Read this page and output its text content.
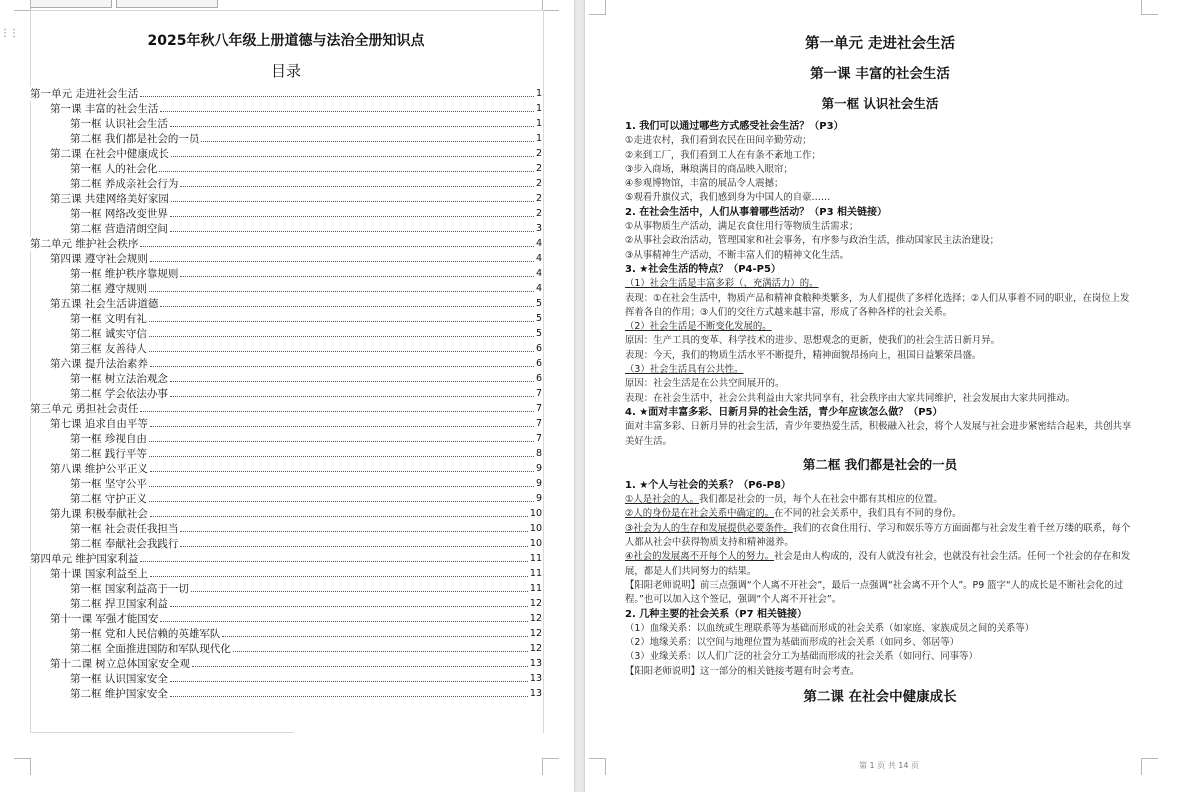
⋮⋮	2025年秋八年级上册道德与法治全册知识点
目录
第一单元 走进社会生活	1
第一课 丰富的社会生活	1
第一框 认识社会生活	1
第二框 我们都是社会的一员	1
第二课 在社会中健康成长	2
第一框 人的社会化	2
第二框 养成亲社会行为	2
第三课 共建网络美好家园	2
第一框 网络改变世界	2
第二框 营造清朗空间	3
第二单元 维护社会秩序	4
第四课 遵守社会规则	4
第一框 维护秩序靠规则	4
第二框 遵守规则	4
第五课 社会生活讲道德	5
第一框 文明有礼	5
第二框 诚实守信	5
第三框 友善待人	6
第六课 提升法治素养	6
第一框 树立法治观念	6
第二框 学会依法办事	7
第三单元 勇担社会责任	7
第七课 追求自由平等	7
第一框 珍视自由	7
第二框 践行平等	8
第八课 维护公平正义	9
第一框 坚守公平	9
第二框 守护正义	9
第九课 积极奉献社会	10
第一框 社会责任我担当	10
第二框 奉献社会我践行	10
第四单元 维护国家利益	11
第十课 国家利益至上	11
第一框 国家利益高于一切	11
第二框 捍卫国家利益	12
第十一课 军强才能国安	12
第一框 党和人民信赖的英雄军队	12
第二框 全面推进国防和军队现代化	12
第十二课 树立总体国家安全观	13
第一框 认识国家安全	13
第二框 维护国家安全	13
第一单元 走进社会生活
第一课 丰富的社会生活
第一框 认识社会生活
1. 我们可以通过哪些方式感受社会生活？（P3）
①走进农村，我们看到农民在田间辛勤劳动；
②来到工厂，我们看到工人在有条不紊地工作；
③步入商场，琳琅满目的商品映入眼帘；
④参观博物馆，丰富的展品令人震撼；
⑤观看升旗仪式，我们感到身为中国人的自豪……
2. 在社会生活中，人们从事着哪些活动？（P3 相关链接）
①从事物质生产活动，满足衣食住用行等物质生活需求；
②从事社会政治活动，管理国家和社会事务，有序参与政治生活，推动国家民主法治建设；
③从事精神生产活动，不断丰富人们的精神文化生活。
3. ★社会生活的特点？（P4-P5）
（1）社会生活是丰富多彩（、充满活力）的。
表现：①在社会生活中，物质产品和精神食粮种类繁多，为人们提供了多样化选择；②人们从事着不同的职业，在岗位上发挥着各自的作用；③人们的交往方式越来越丰富，形成了各种各样的社会关系。
（2）社会生活是不断变化发展的。
原因：生产工具的变革、科学技术的进步、思想观念的更新，使我们的社会生活日新月异。
表现：今天，我们的物质生活水平不断提升，精神面貌昂扬向上，祖国日益繁荣昌盛。
（3）社会生活具有公共性。
原因：社会生活是在公共空间展开的。
表现：在社会生活中，社会公共利益由大家共同享有，社会秩序由大家共同维护，社会发展由大家共同推动。
4. ★面对丰富多彩、日新月异的社会生活，青少年应该怎么做？（P5）
面对丰富多彩、日新月异的社会生活，青少年要热爱生活，积极融入社会，将个人发展与社会进步紧密结合起来，共创共享美好生活。
第二框 我们都是社会的一员
1. ★个人与社会的关系？（P6-P8）
①人是社会的人。我们都是社会的一员，每个人在社会中都有其相应的位置。
②人的身份是在社会关系中确定的。在不同的社会关系中，我们具有不同的身份。
③社会为人的生存和发展提供必要条件。我们的衣食住用行、学习和娱乐等方方面面都与社会发生着千丝万缕的联系，每个人都从社会中获得物质支持和精神滋养。
④社会的发展离不开每个人的努力。社会是由人构成的，没有人就没有社会，也就没有社会生活。任何一个社会的存在和发展，都是人们共同努力的结果。
【阳阳老师说明】前三点强调“个人离不开社会”，最后一点强调“社会离不开个人”。P9 篮字“人的成长是不断社会化的过程。”也可以加入这个签记，强调“个人离不开社会”。
2. 几种主要的社会关系（P7 相关链接）
（1）血缘关系：以血统或生理联系等为基础而形成的社会关系（如家庭、家族成员之间的关系等）
（2）地缘关系：以空间与地理位置为基础而形成的社会关系（如同乡、邻居等）
（3）业缘关系：以人们广泛的社会分工为基础而形成的社会关系（如同行、同事等）
【阳阳老师说明】这一部分的相关链接考题有时会考查。
第二课 在社会中健康成长
第 1 页 共 14 页
